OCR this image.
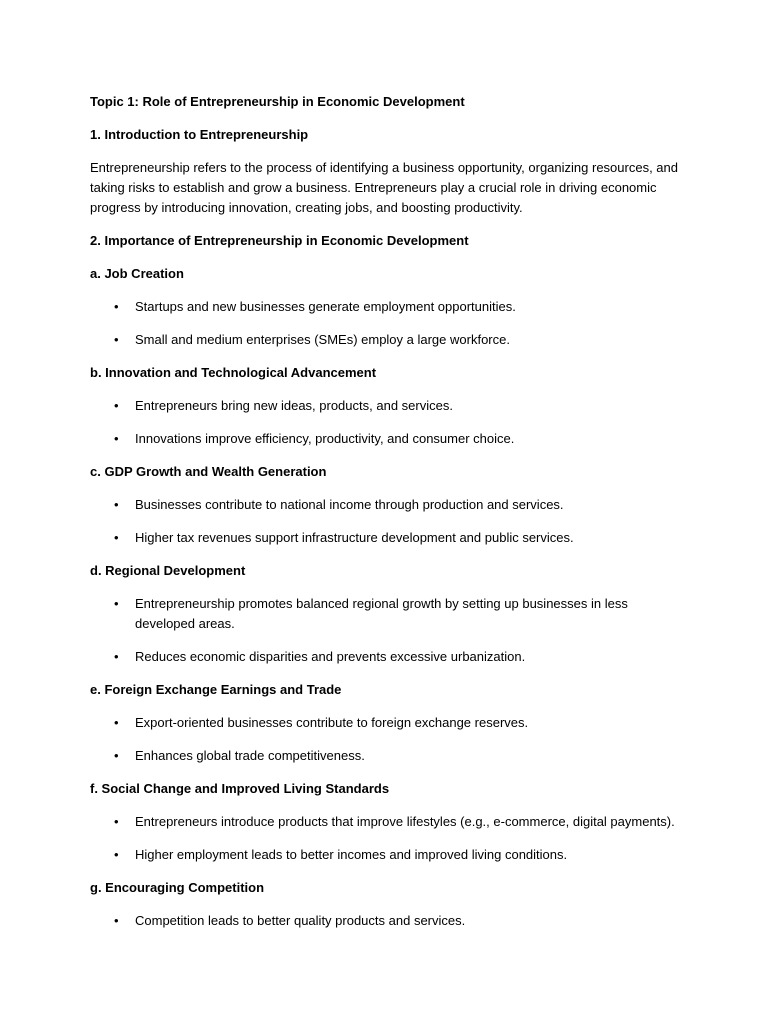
Topic 1: Role of Entrepreneurship in Economic Development
1. Introduction to Entrepreneurship
Entrepreneurship refers to the process of identifying a business opportunity, organizing resources, and taking risks to establish and grow a business. Entrepreneurs play a crucial role in driving economic progress by introducing innovation, creating jobs, and boosting productivity.
2. Importance of Entrepreneurship in Economic Development
a. Job Creation
• Startups and new businesses generate employment opportunities.
• Small and medium enterprises (SMEs) employ a large workforce.
b. Innovation and Technological Advancement
• Entrepreneurs bring new ideas, products, and services.
• Innovations improve efficiency, productivity, and consumer choice.
c. GDP Growth and Wealth Generation
• Businesses contribute to national income through production and services.
• Higher tax revenues support infrastructure development and public services.
d. Regional Development
• Entrepreneurship promotes balanced regional growth by setting up businesses in less developed areas.
• Reduces economic disparities and prevents excessive urbanization.
e. Foreign Exchange Earnings and Trade
• Export-oriented businesses contribute to foreign exchange reserves.
• Enhances global trade competitiveness.
f. Social Change and Improved Living Standards
• Entrepreneurs introduce products that improve lifestyles (e.g., e-commerce, digital payments).
• Higher employment leads to better incomes and improved living conditions.
g. Encouraging Competition
• Competition leads to better quality products and services.
